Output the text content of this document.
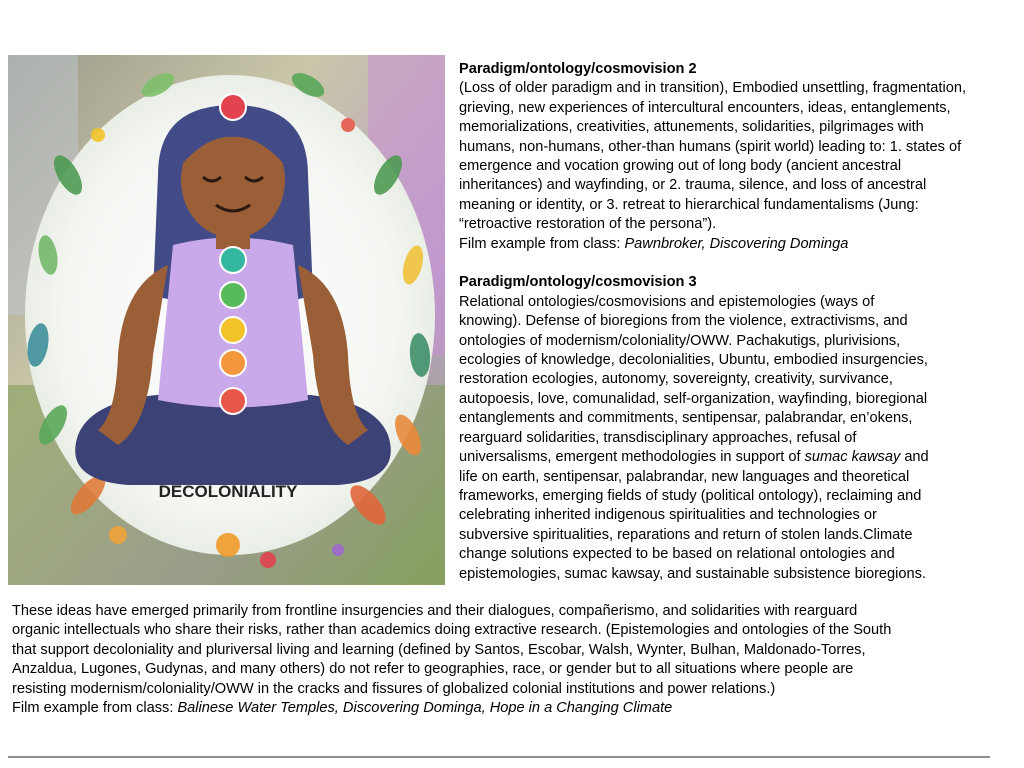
DECOLONIALITY

Paradigm/ontology/cosmovision 2

(Loss of older paradigm and in transition), Embodied unsettling, fragmentation,

grieving, new experiences of intercultural encounters, ideas, entanglements,

memorializations, creativities, attunements, solidarities, pilgrimages with

humans, non-humans, other-than humans (spirit world) leading to: 1. states of

emergence and vocation growing out of long body (ancient ancestral

inheritances) and wayfinding, or 2. trauma, silence, and loss of ancestral

meaning or identity, or 3. retreat to hierarchical fundamentalisms (Jung:

“retroactive restoration of the persona”).

Film example from class: Pawnbroker, Discovering Dominga

Paradigm/ontology/cosmovision 3

Relational ontologies/cosmovisions and epistemologies (ways of

knowing). Defense of bioregions from the violence, extractivisms, and

ontologies of modernism/coloniality/OWW. Pachakutigs, plurivisions,

ecologies of knowledge, decolonialities, Ubuntu, embodied insurgencies,

restoration ecologies, autonomy, sovereignty, creativity, survivance,

autopoesis, love, comunalidad, self-organization, wayfinding, bioregional

entanglements and commitments, sentipensar, palabrandar, en’okens,

rearguard solidarities, transdisciplinary approaches, refusal of

universalisms, emergent methodologies in support of sumac kawsay and

life on earth, sentipensar, palabrandar, new languages and theoretical

frameworks, emerging fields of study (political ontology), reclaiming and

celebrating inherited indigenous spiritualities and technologies or

subversive spiritualities, reparations and return of stolen lands.Climate

change solutions expected to be based on relational ontologies and

epistemologies, sumac kawsay, and sustainable subsistence bioregions.

These ideas have emerged primarily from frontline insurgencies and their dialogues, compañerismo, and solidarities with rearguard

organic intellectuals who share their risks, rather than academics doing extractive research. (Epistemologies and ontologies of the South

that support decoloniality and pluriversal living and learning (defined by Santos, Escobar, Walsh, Wynter, Bulhan, Maldonado-Torres,

Anzaldua, Lugones, Gudynas, and many others) do not refer to geographies, race, or gender but to all situations where people are

resisting modernism/coloniality/OWW in the cracks and fissures of globalized colonial institutions and power relations.)

Film example from class: Balinese Water Temples, Discovering Dominga, Hope in a Changing Climate
